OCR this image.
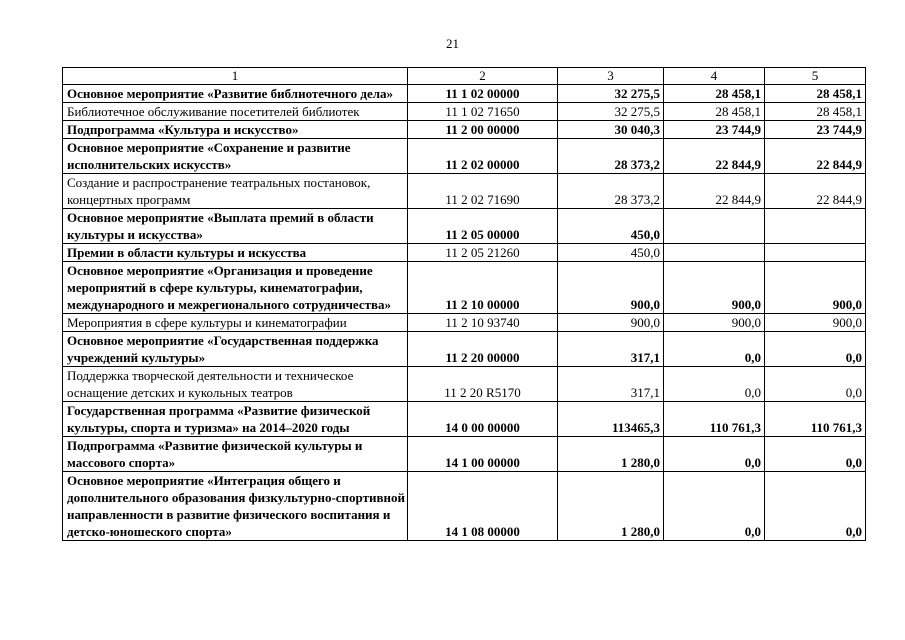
21
1	2	3	4	5
Основное мероприятие «Развитие библиотечного дела»	11 1 02 00000	32 275,5	28 458,1	28 458,1
Библиотечное обслуживание посетителей библиотек	11 1 02 71650	32 275,5	28 458,1	28 458,1
Подпрограмма «Культура и искусство»	11 2 00 00000	30 040,3	23 744,9	23 744,9
Основное мероприятие «Сохранение и развитие исполнительских искусств»	11 2 02 00000	28 373,2	22 844,9	22 844,9
Создание и распространение театральных постановок, концертных программ	11 2 02 71690	28 373,2	22 844,9	22 844,9
Основное мероприятие «Выплата премий в области культуры и искусства»	11 2 05 00000	450,0		
Премии в области культуры и искусства	11 2 05 21260	450,0		
Основное мероприятие «Организация и проведение мероприятий в сфере культуры, кинематографии, международного и межрегионального сотрудничества»	11 2 10 00000	900,0	900,0	900,0
Мероприятия в сфере культуры и кинематографии	11 2 10 93740	900,0	900,0	900,0
Основное мероприятие «Государственная поддержка учреждений культуры»	11 2 20 00000	317,1	0,0	0,0
Поддержка творческой деятельности и техническое оснащение детских и кукольных театров	11 2 20 R5170	317,1	0,0	0,0
Государственная программа «Развитие физической культуры, спорта и туризма» на 2014–2020 годы	14 0 00 00000	113465,3	110 761,3	110 761,3
Подпрограмма «Развитие физической культуры и массового спорта»	14 1 00 00000	1 280,0	0,0	0,0
Основное мероприятие «Интеграция общего и дополнительного образования физкультурно-спортивной направленности в развитие физического воспитания и детско-юношеского спорта»	14 1 08 00000	1 280,0	0,0	0,0
